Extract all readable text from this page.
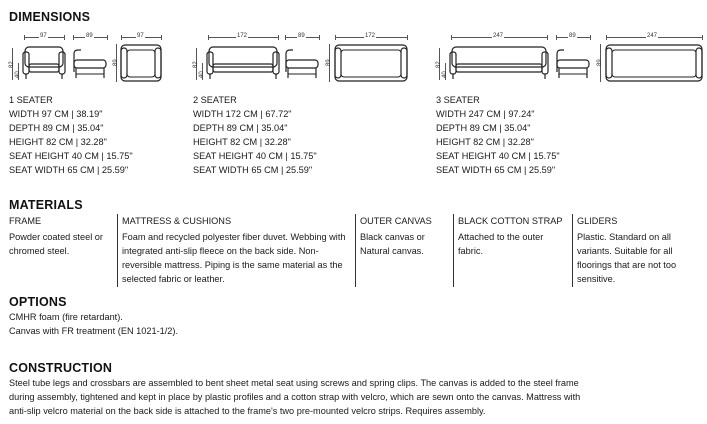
DIMENSIONS
97
82
40
89	97
89
172
82
40
89	172
89
247
82
40
89	247
89
1 SEATER
WIDTH 97 CM | 38.19"
DEPTH 89 CM | 35.04"
HEIGHT 82 CM | 32.28"
SEAT HEIGHT 40 CM | 15.75"
SEAT WIDTH 65 CM | 25.59"
2 SEATER
WIDTH 172 CM | 67.72"
DEPTH 89 CM | 35.04"
HEIGHT 82 CM | 32.28"
SEAT HEIGHT 40 CM | 15.75"
SEAT WIDTH 65 CM | 25.59"
3 SEATER
WIDTH 247 CM | 97.24"
DEPTH 89 CM | 35.04"
HEIGHT 82 CM | 32.28"
SEAT HEIGHT 40 CM | 15.75"
SEAT WIDTH 65 CM | 25.59"
MATERIALS
FRAME
Powder coated steel or chromed steel.
MATTRESS & CUSHIONS
Foam and recycled polyester fiber duvet. Webbing with integrated anti-slip fleece on the back side. Non-reversible mattress. Piping is the same material as the selected fabric or leather.
OUTER CANVAS
Black canvas or Natural canvas.
BLACK COTTON STRAP
Attached to the outer fabric.
GLIDERS
Plastic. Standard on all variants. Suitable for all floorings that are not too sensitive.
OPTIONS
CMHR foam (fire retardant).
Canvas with FR treatment (EN 1021-1/2).
CONSTRUCTION
Steel tube legs and crossbars are assembled to bent sheet metal seat using screws and spring clips. The canvas is added to the steel frame
during assembly, tightened and kept in place by plastic profiles and a cotton strap with velcro, which are sewn onto the canvas. Mattress with
anti-slip velcro material on the back side is attached to the frame's two pre-mounted velcro strips. Requires assembly.
